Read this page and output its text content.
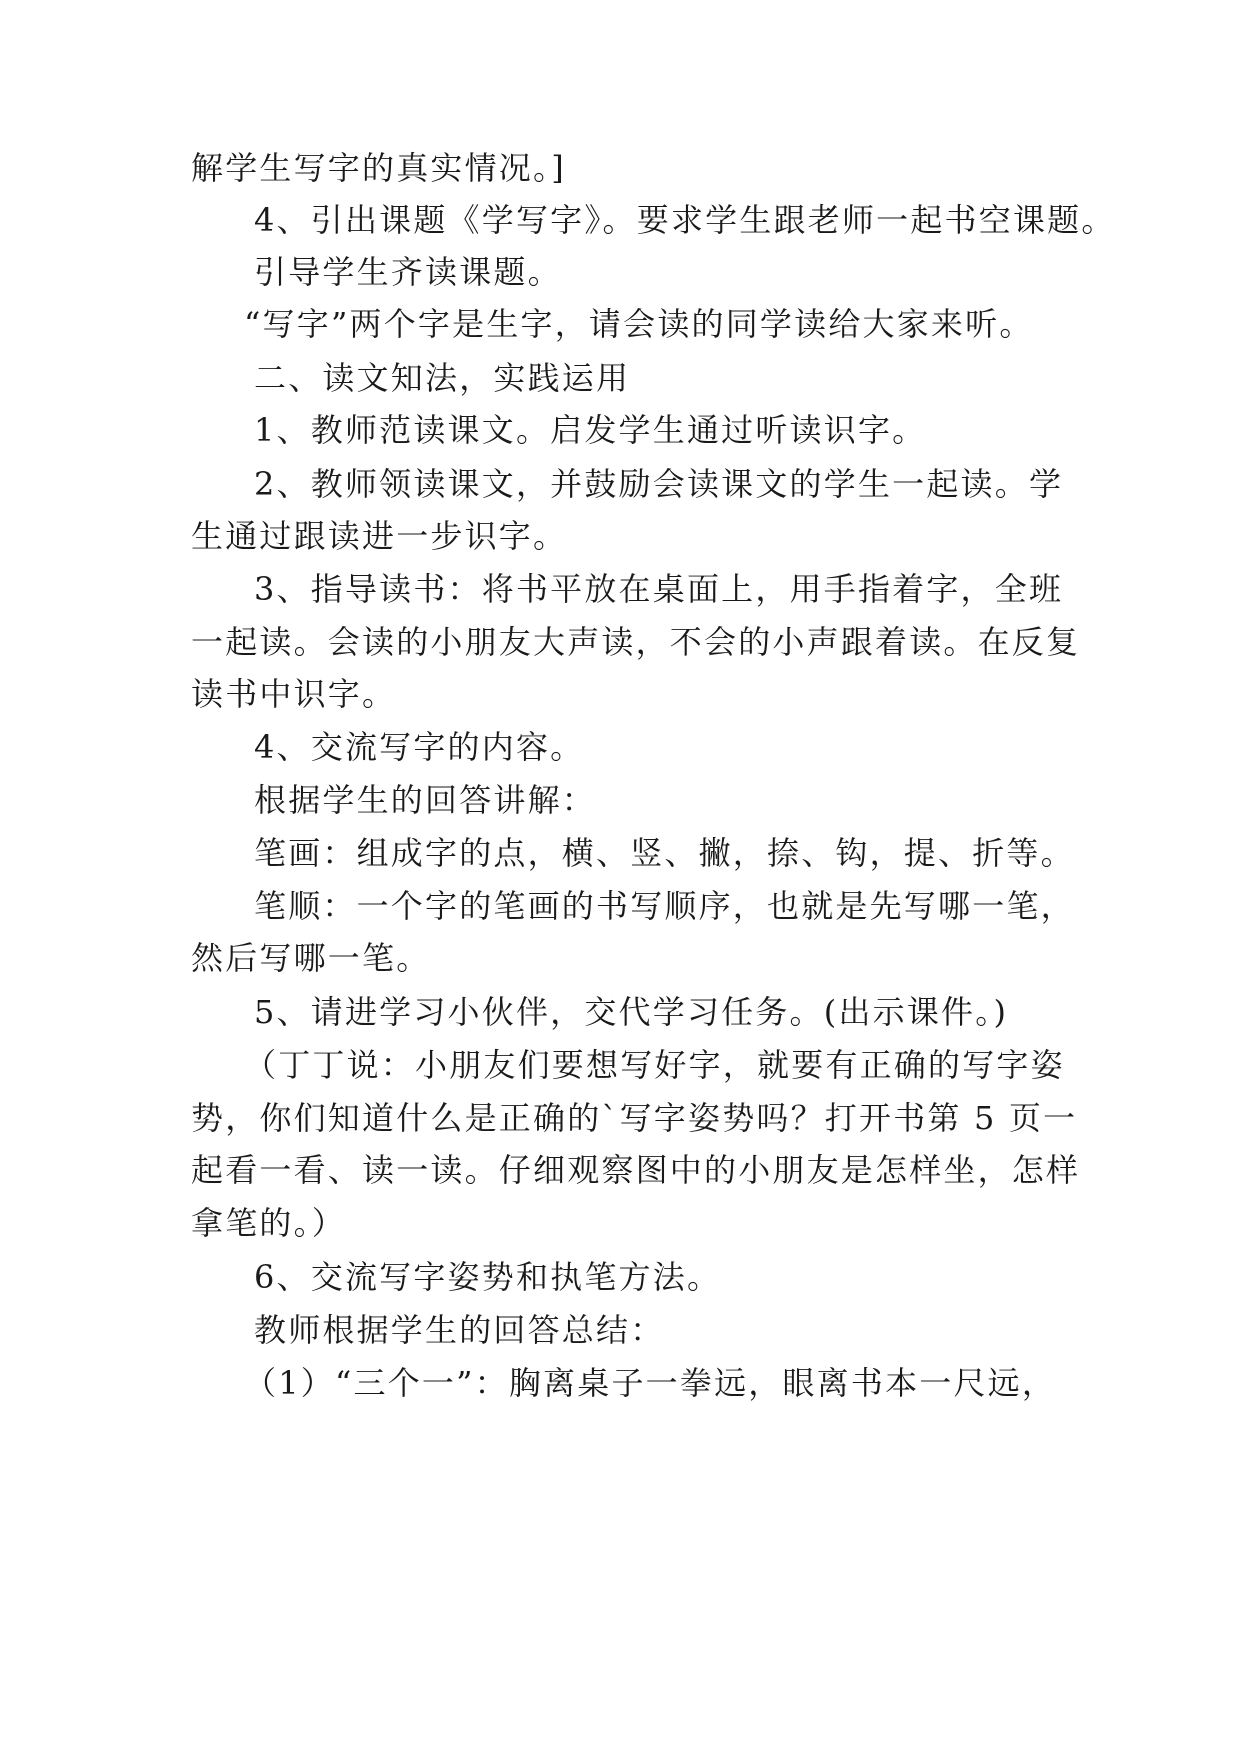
解学生写字的真实情况。]
4、引出课题《学写字》。要求学生跟老师一起书空课题。
引导学生齐读课题。
“写字”两个字是生字，请会读的同学读给大家来听。
二、读文知法，实践运用
1、教师范读课文。启发学生通过听读识字。
2、教师领读课文，并鼓励会读课文的学生一起读。学
生通过跟读进一步识字。
3、指导读书：将书平放在桌面上，用手指着字，全班
一起读。会读的小朋友大声读，不会的小声跟着读。在反复
读书中识字。
4、交流写字的内容。
根据学生的回答讲解：
笔画：组成字的点，横、竖、撇，捺、钩，提、折等。
笔顺：一个字的笔画的书写顺序，也就是先写哪一笔，
然后写哪一笔。
5、请进学习小伙伴，交代学习任务。(出示课件。)
（丁丁说：小朋友们要想写好字，就要有正确的写字姿
势，你们知道什么是正确的`写字姿势吗？打开书第 5 页一
起看一看、读一读。仔细观察图中的小朋友是怎样坐，怎样
拿笔的。）
6、交流写字姿势和执笔方法。
教师根据学生的回答总结：
（1）“三个一”：胸离桌子一拳远，眼离书本一尺远，
